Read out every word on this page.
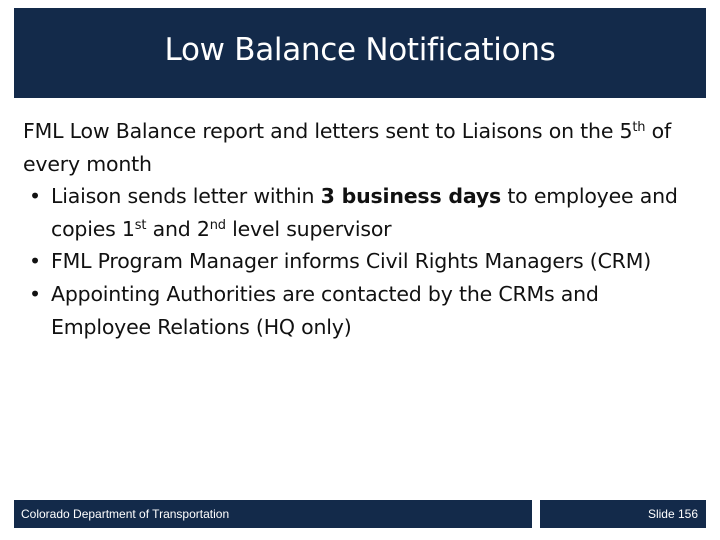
Low Balance Notifications

FML Low Balance report and letters sent to Liaisons on the 5th of every month

• Liaison sends letter within 3 business days to employee and copies 1st and 2nd level supervisor
• FML Program Manager informs Civil Rights Managers (CRM)
• Appointing Authorities are contacted by the CRMs and Employee Relations (HQ only)
Colorado Department of Transportation	Slide 156
